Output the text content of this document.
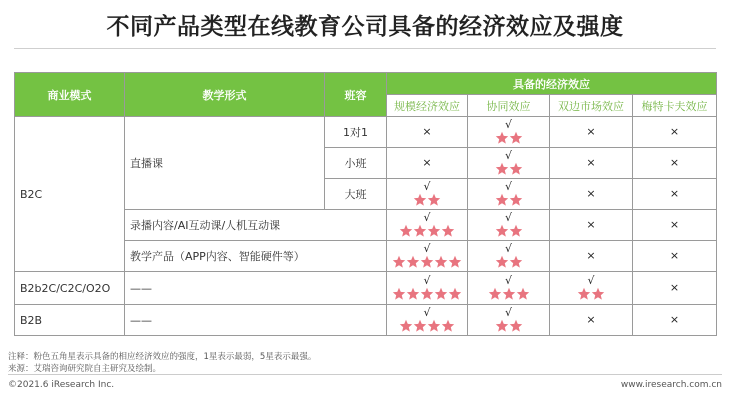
不同产品类型在线教育公司具备的经济效应及强度
商业模式	教学形式	班容	具备的经济效应			
			规模经济效应	协同效应	双边市场效应	梅特卡夫效应
B2C	直播课	1对1	×	√	×	×

		小班	×	√	×	×

		大班	√	√	×	×

	录播内容/AI互动课/人机互动课		√	√	×	×

	教学产品（APP内容、智能硬件等）		√	√	×	×

B2b2C/C2C/O2O	——		√	√	√	×

B2B	——		√	√	×	×
注释：粉色五角星表示具备的相应经济效应的强度，1星表示最弱，5星表示最强。
来源：艾瑞咨询研究院自主研究及绘制。
©2021.6 iResearch Inc.	www.iresearch.com.cn
